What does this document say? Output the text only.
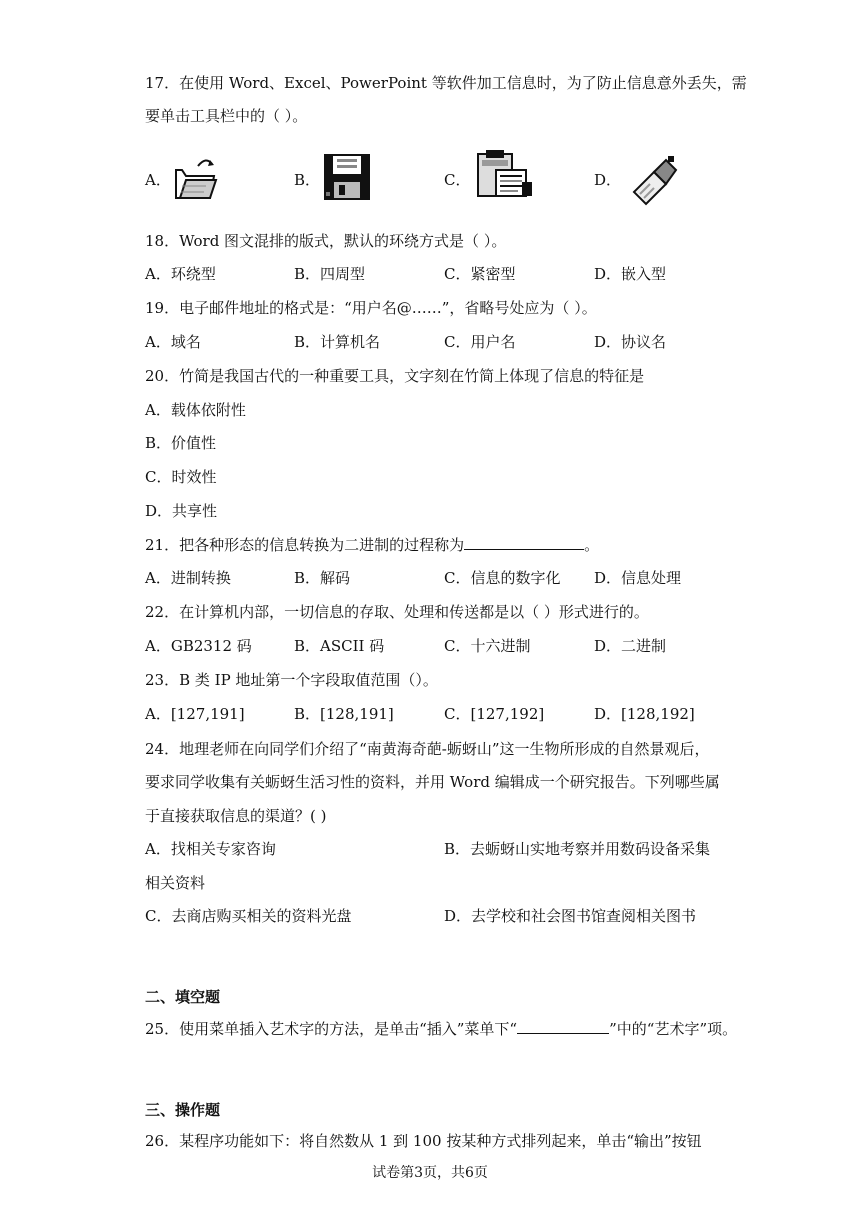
17．在使用 Word、Excel、PowerPoint 等软件加工信息时，为了防止信息意外丢失，需
要单击工具栏中的（ ）。
A．	B．	C．	D．
18．Word 图文混排的版式，默认的环绕方式是（ ）。
A．环绕型	B．四周型	C．紧密型	D．嵌入型
19．电子邮件地址的格式是：“用户名@……”，省略号处应为（ ）。
A．域名	B．计算机名	C．用户名	D．协议名
20．竹简是我国古代的一种重要工具，文字刻在竹简上体现了信息的特征是
A．载体依附性
B．价值性
C．时效性
D．共享性
21．把各种形态的信息转换为二进制的过程称为	。
A．进制转换	B．解码	C．信息的数字化 D．信息处理
22．在计算机内部，一切信息的存取、处理和传送都是以（ ）形式进行的。
A．GB2312 码	B．ASCII 码	C．十六进制	D．二进制
23．B 类 IP 地址第一个字段取值范围（）。
A．[127,191]	B．[128,191]	C．[127,192]	D．[128,192]
24．地理老师在向同学们介绍了“南黄海奇葩-蛎蚜山”这一生物所形成的自然景观后，
要求同学收集有关蛎蚜生活习性的资料，并用 Word 编辑成一个研究报告。下列哪些属
于直接获取信息的渠道？( )
A．找相关专家咨询	B．去蛎蚜山实地考察并用数码设备采集
相关资料
C．去商店购买相关的资料光盘	D．去学校和社会图书馆查阅相关图书
二、填空题
25．使用菜单插入艺术字的方法，是单击“插入”菜单下“	”中的“艺术字”项。
三、操作题
26．某程序功能如下：将自然数从 1 到 100 按某种方式排列起来，单击“输出”按钮
试卷第3页，共6页
